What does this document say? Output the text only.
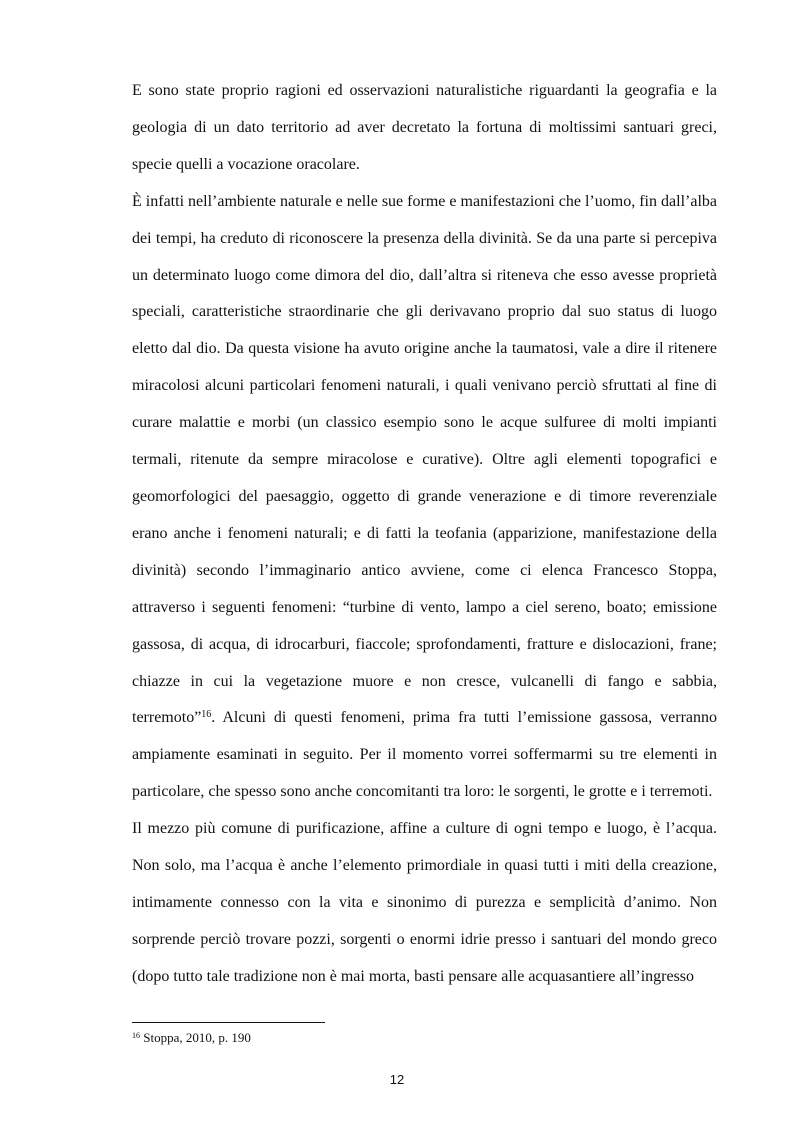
E sono state proprio ragioni ed osservazioni naturalistiche riguardanti la geografia e la geologia di un dato territorio ad aver decretato la fortuna di moltissimi santuari greci, specie quelli a vocazione oracolare.

È infatti nell’ambiente naturale e nelle sue forme e manifestazioni che l’uomo, fin dall’alba dei tempi, ha creduto di riconoscere la presenza della divinità. Se da una parte si percepiva un determinato luogo come dimora del dio, dall’altra si riteneva che esso avesse proprietà speciali, caratteristiche straordinarie che gli derivavano proprio dal suo status di luogo eletto dal dio. Da questa visione ha avuto origine anche la taumatosi, vale a dire il ritenere miracolosi alcuni particolari fenomeni naturali, i quali venivano perciò sfruttati al fine di curare malattie e morbi (un classico esempio sono le acque sulfuree di molti impianti termali, ritenute da sempre miracolose e curative). Oltre agli elementi topografici e geomorfologici del paesaggio, oggetto di grande venerazione e di timore reverenziale erano anche i fenomeni naturali; e di fatti la teofania (apparizione, manifestazione della divinità) secondo l’immaginario antico avviene, come ci elenca Francesco Stoppa, attraverso i seguenti fenomeni: “turbine di vento, lampo a ciel sereno, boato; emissione gassosa, di acqua, di idrocarburi, fiaccole; sprofondamenti, fratture e dislocazioni, frane; chiazze in cui la vegetazione muore e non cresce, vulcanelli di fango e sabbia, terremoto”$^{16}$. Alcuni di questi fenomeni, prima fra tutti l’emissione gassosa, verranno ampiamente esaminati in seguito. Per il momento vorrei soffermarmi su tre elementi in particolare, che spesso sono anche concomitanti tra loro: le sorgenti, le grotte e i terremoti.

Il mezzo più comune di purificazione, affine a culture di ogni tempo e luogo, è l’acqua. Non solo, ma l’acqua è anche l’elemento primordiale in quasi tutti i miti della creazione, intimamente connesso con la vita e sinonimo di purezza e semplicità d’animo. Non sorprende perciò trovare pozzi, sorgenti o enormi idrie presso i santuari del mondo greco (dopo tutto tale tradizione non è mai morta, basti pensare alle acquasantiere all’ingresso

$^{16}$ Stoppa, 2010, p. 190
12
